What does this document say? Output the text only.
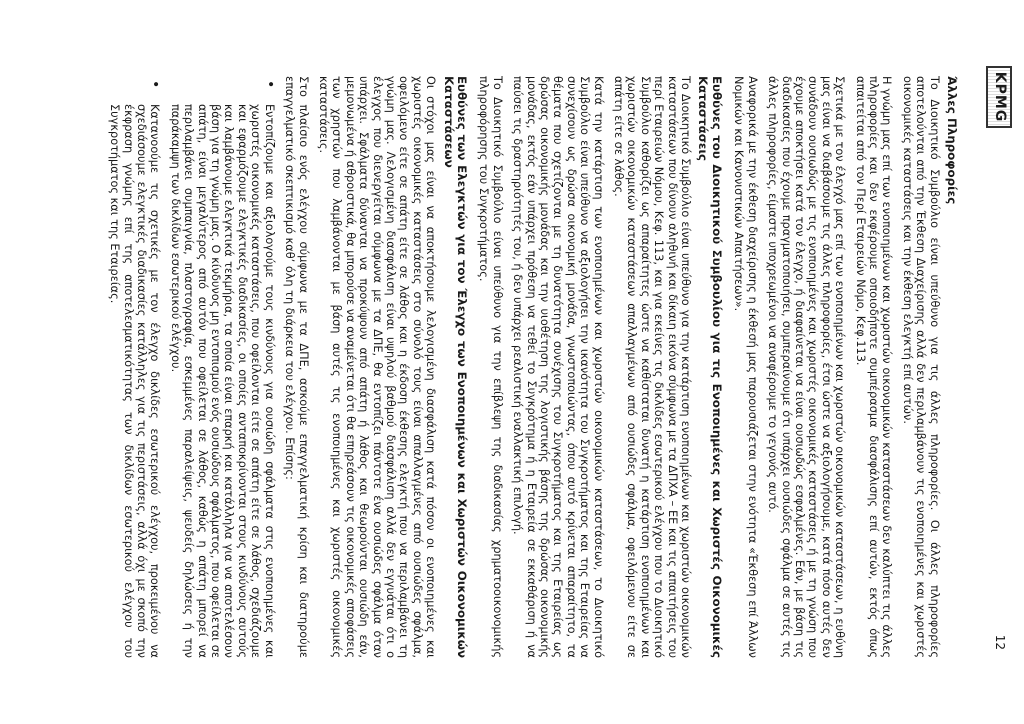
KPMG
12
Άλλες Πληροφορίες

Το Διοικητικό Συμβούλιο είναι υπεύθυνο για τις άλλες πληροφορίες. Οι άλλες πληροφορίες αποτελούνται από την Έκθεση Διαχείρισης αλλά δεν περιλαμβάνουν τις ενοποιημένες και χωριστές οικονομικές καταστάσεις και την έκθεση ελεγκτή επί αυτών.

Η γνώμη μας επί των ενοποιημένων και χωριστών οικονομικών καταστάσεων δεν καλύπτει τις άλλες πληροφορίες και δεν εκφέρουμε οποιοδήποτε συμπέρασμα διασφάλισης επί αυτών, εκτός όπως απαιτείται από τον Περί Εταιρειών Νόμο, Κεφ.113.

Σχετικά με τον έλεγχό μας επί των ενοποιημένων και χωριστών οικονομικών καταστάσεων, η ευθύνη μας είναι να διαβάσουμε τις άλλες πληροφορίες, έτσι ώστε να αξιολογήσουμε, κατά πόσο αυτές δεν συνάδουν ουσιωδώς με τις ενοποιημένες και χωριστές οικονομικές καταστάσεις ή με τη γνώση που έχουμε αποκτήσει κατά τον έλεγχο, ή διαφαίνεται να είναι ουσιωδώς εσφαλμένες. Εάν, με βάση τις διαδικασίες που έχουμε πραγματοποιήσει, συμπεραίνουμε ότι υπάρχει ουσιώδες σφάλμα σε αυτές τις άλλες πληροφορίες, είμαστε υποχρεωμένοι να αναφέρουμε το γεγονός αυτό.

Αναφορικά με την έκθεση διαχείρισης η έκθεσή μας παρουσιάζεται στην ενότητα «Έκθεση επί Άλλων Νομικών και Κανονιστικών Απαιτήσεων».

Ευθύνες του Διοικητικού Συμβουλίου για τις Ενοποιημένες και Χωριστές Οικονομικές Καταστάσεις

Το Διοικητικό Συμβούλιο είναι υπεύθυνο για την κατάρτιση ενοποιημένων και χωριστών οικονομικών καταστάσεων που δίνουν αληθινή και δίκαιη εικόνα σύμφωνα με τα ΔΠΧΑ – ΕΕ και τις απαιτήσεις του περί Εταιρειών Νόμου, Κεφ. 113, και για εκείνες τις δικλίδες εσωτερικού ελέγχου που το Διοικητικό Συμβούλιο καθορίζει ως απαραίτητες ώστε να καθίσταται δυνατή η κατάρτιση ενοποιημένων και χωριστών οικονομικών καταστάσεων απαλλαγμένων από ουσιώδες σφάλμα, οφειλόμενου είτε σε απάτη είτε σε λάθος.

Κατά την κατάρτιση των ενοποιημένων και χωριστών οικονομικών καταστάσεων, το Διοικητικό Συμβούλιο είναι υπεύθυνο να αξιολογήσει την ικανότητα του Συγκροτήματος και της Εταιρείας να συνεχίσουν ως δρώσα οικονομική μονάδα, γνωστοποιώντας, όπου αυτό κρίνεται απαραίτητο, τα θέματα που σχετίζονται με τη δυνατότητα συνέχισης του Συγκροτήματος και της Εταιρείας ως δρώσας οικονομικής μονάδας και την υιοθέτηση της λογιστικής βάσης της δρώσας οικονομικής μονάδας, εκτός εάν υπάρχει πρόθεση να τεθεί το Συγκρότημα ή η Εταιρεία σε εκκαθάριση ή να παύσει τις δραστηριότητές του, ή δεν υπάρχει ρεαλιστική εναλλακτική επιλογή.

Το Διοικητικό Συμβούλιο είναι υπεύθυνο για την επίβλεψη της διαδικασίας χρηματοοικονομικής πληροφόρησης του Συγκροτήματος.

Ευθύνες των Ελεγκτών για τον Έλεγχο των Ενοποιημένων και Χωριστών Οικονομικών Καταστάσεων

Οι στόχοι μας είναι να αποκτήσουμε λελογισμένη διασφάλιση κατά πόσον οι ενοποιημένες και χωριστές οικονομικές καταστάσεις στο σύνολό τους είναι απαλλαγμένες από ουσιώδες σφάλμα, οφειλόμενο είτε σε απάτη είτε σε λάθος και η έκδοση έκθεσης ελεγκτή που να περιλαμβάνει τη γνώμη μας. Λελογισμένη διασφάλιση είναι υψηλού βαθμού διασφάλιση αλλά δεν εγγυάται ότι ο έλεγχος που διενεργείται σύμφωνα με τα ΔΠΕ, θα εντοπίζει πάντοτε ένα ουσιώδες σφάλμα όταν υπάρχει. Σφάλματα δύνανται να προκύψουν από απάτη ή λάθος και θεωρούνται ουσιώδη εάν, μεμονωμένα ή αθροιστικά, θα μπορούσε να αναμένεται ότι θα επηρεάσουν τις οικονομικές αποφάσεις των χρηστών που λαμβάνονται με βάση αυτές τις ενοποιημένες και χωριστές οικονομικές καταστάσεις.

Στο πλαίσιο ενός ελέγχου σύμφωνα με τα ΔΠΕ, ασκούμε επαγγελματική κρίση και διατηρούμε επαγγελματικό σκεπτικισμό καθ’ όλη τη διάρκεια του ελέγχου. Επίσης:

• Εντοπίζουμε και αξιολογούμε τους κινδύνους για ουσιώδη σφάλματα στις ενοποιημένες και χωριστές οικονομικές καταστάσεις, που οφείλονται είτε σε απάτη είτε σε λάθος, σχεδιάζουμε και εφαρμόζουμε ελεγκτικές διαδικασίες, οι οποίες ανταποκρίνονται στους κινδύνους αυτούς και λαμβάνουμε ελεγκτικά τεκμήρια, τα οποία είναι επαρκή και κατάλληλα για να αποτελέσουν βάση για τη γνώμη μας. Ο κίνδυνος μη εντοπισμού ενός ουσιώδους σφάλματος, που οφείλεται σε απάτη, είναι μεγαλύτερος από αυτόν που οφείλεται σε λάθος, καθώς η απάτη μπορεί να περιλαμβάνει συμπαιγνία, πλαστογραφία, εσκεμμένες παραλείψεις, ψευδείς δηλώσεις ή την παράκαμψη των δικλίδων εσωτερικού ελέγχου.
• Κατανοούμε τις σχετικές με τον έλεγχο δικλίδες εσωτερικού ελέγχου, προκειμένου να σχεδιάσουμε ελεγκτικές διαδικασίες κατάλληλες για τις περιστάσεις, αλλά όχι με σκοπό την έκφραση γνώμης επί της αποτελεσματικότητας των δικλίδων εσωτερικού ελέγχου του Συγκροτήματος και της Εταιρείας.
